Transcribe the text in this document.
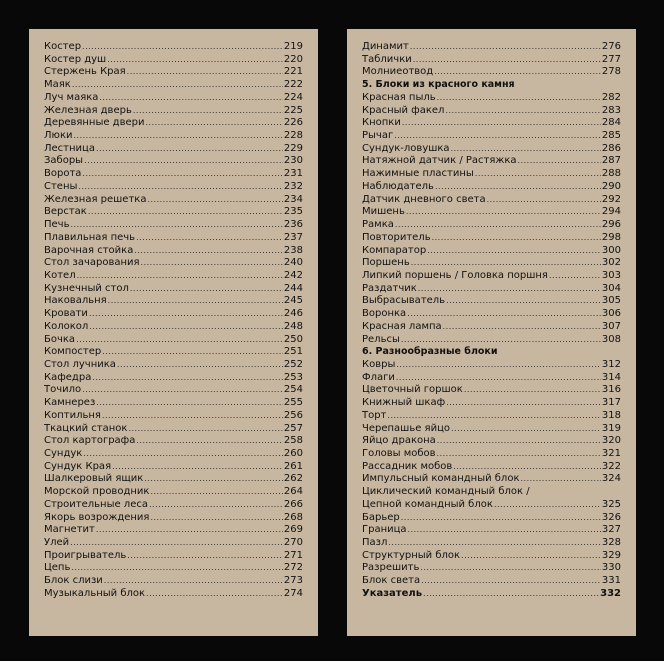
Костер .....	219
Костер душ .....	220
Стержень Края .....	221
Маяк .....	222
Луч маяка .....	224
Железная дверь .....	225
Деревянные двери .....	226
Люки .....	228
Лестница .....	229
Заборы .....	230
Ворота .....	231
Стены .....	232
Железная решетка .....	234
Верстак .....	235
Печь .....	236
Плавильная печь .....	237
Варочная стойка .....	238
Стол зачарования .....	240
Котел .....	242
Кузнечный стол .....	244
Наковальня .....	245
Кровати .....	246
Колокол .....	248
Бочка .....	250
Компостер .....	251
Стол лучника .....	252
Кафедра .....	253
Точило .....	254
Камнерез .....	255
Коптильня .....	256
Ткацкий станок .....	257
Стол картографа .....	258
Сундук .....	260
Сундук Края .....	261
Шалкеровый ящик .....	262
Морской проводник .....	264
Строительные леса .....	266
Якорь возрождения .....	268
Магнетит .....	269
Улей .....	270
Проигрыватель .....	271
Цепь .....	272
Блок слизи .....	273
Музыкальный блок .....	274
Динамит .....	276
Таблички .....	277
Молниеотвод .....	278
5. Блоки из красного камня
Красная пыль .....	282
Красный факел .....	283
Кнопки .....	284
Рычаг .....	285
Сундук-ловушка .....	286
Натяжной датчик / Растяжка .....	287
Нажимные пластины .....	288
Наблюдатель .....	290
Датчик дневного света .....	292
Мишень .....	294
Рамка .....	296
Повторитель .....	298
Компаратор .....	300
Поршень .....	302
Липкий поршень / Головка поршня .....	303
Раздатчик .....	304
Выбрасыватель .....	305
Воронка .....	306
Красная лампа .....	307
Рельсы .....	308
6. Разнообразные блоки
Ковры .....	312
Флаги .....	314
Цветочный горшок .....	316
Книжный шкаф .....	317
Торт .....	318
Черепашье яйцо .....	319
Яйцо дракона .....	320
Головы мобов .....	321
Рассадник мобов .....	322
Импульсный командный блок .....	324
Циклический командный блок /
Цепной командный блок .....	325
Барьер .....	326
Граница .....	327
Пазл .....	328
Структурный блок .....	329
Разрешить .....	330
Блок света .....	331
Указатель .....	332
